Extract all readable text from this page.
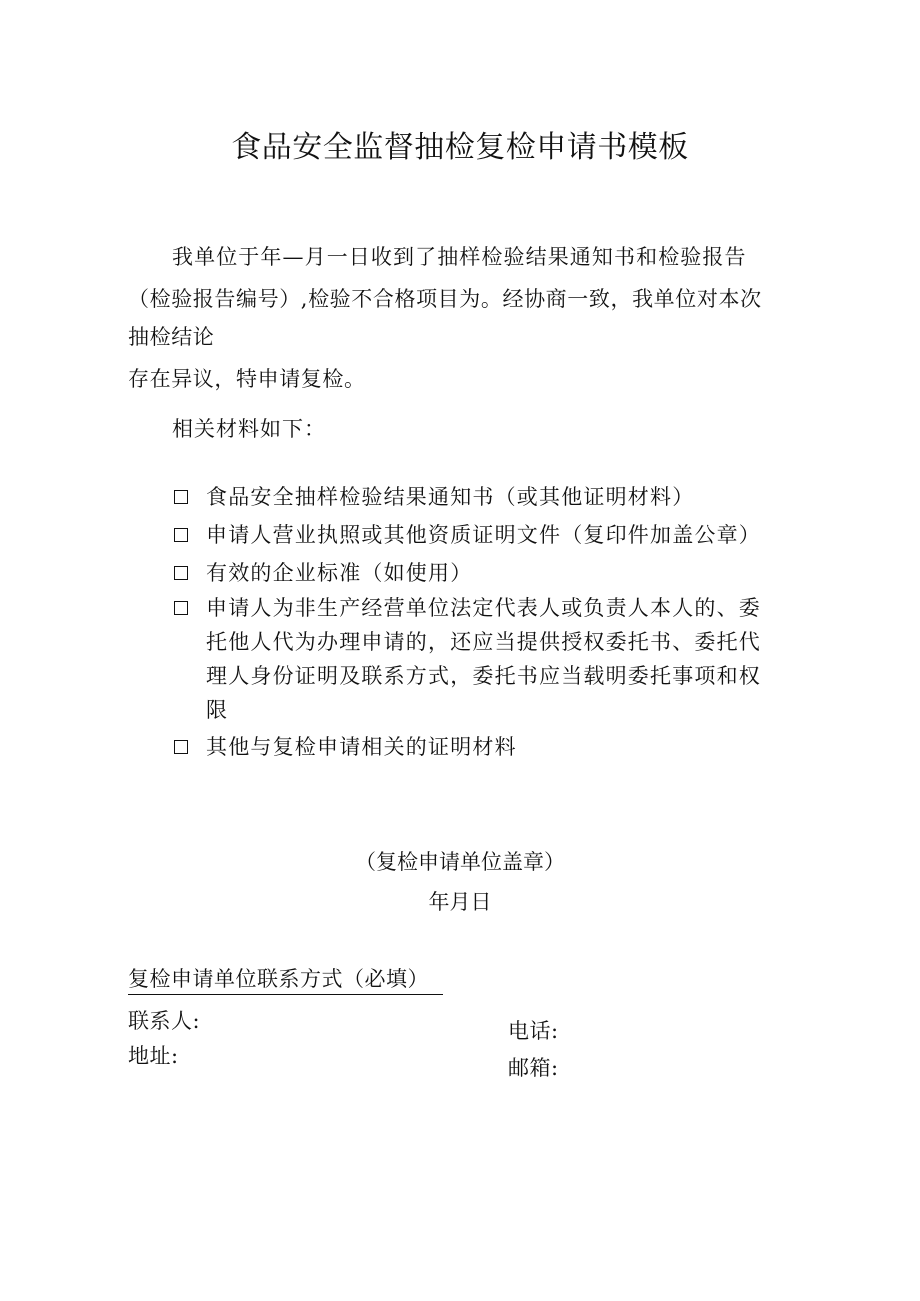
食品安全监督抽检复检申请书模板
我单位于年—月一日收到了抽样检验结果通知书和检验报告
（检验报告编号）,检验不合格项目为。经协商一致，我单位对本次
抽检结论
存在异议，特申请复检。
相关材料如下：
食品安全抽样检验结果通知书（或其他证明材料）
申请人营业执照或其他资质证明文件（复印件加盖公章）
有效的企业标准（如使用）
申请人为非生产经营单位法定代表人或负责人本人的、委
托他人代为办理申请的，还应当提供授权委托书、委托代
理人身份证明及联系方式，委托书应当载明委托事项和权
限
其他与复检申请相关的证明材料
（复检申请单位盖章）
年月日
复检申请单位联系方式（必填）
联系人:	电话:
地址:	邮箱:
